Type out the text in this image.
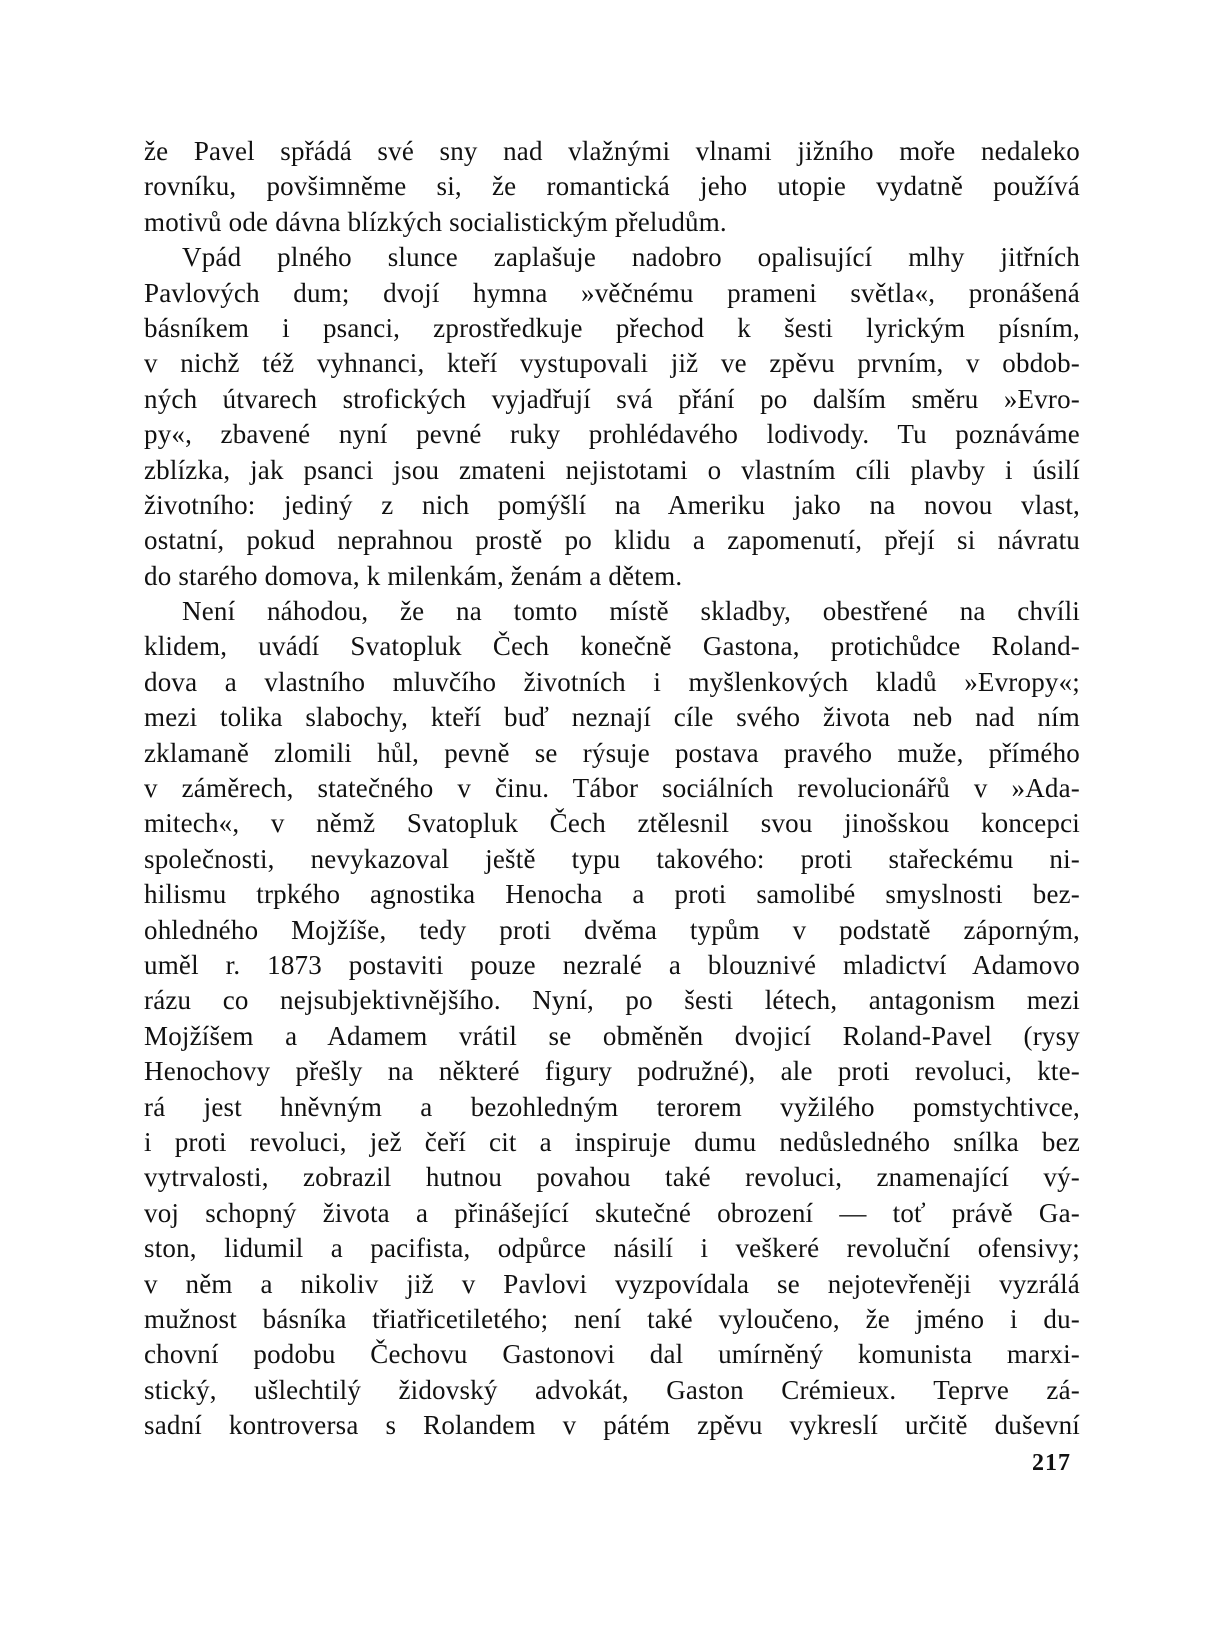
že Pavel spřádá své sny nad vlažnými vlnami jižního moře nedaleko
rovníku, povšimněme si, že romantická jeho utopie vydatně používá
motivů ode dávna blízkých socialistickým přeludům.
Vpád plného slunce zaplašuje nadobro opalisující mlhy jitřních
Pavlových dum; dvojí hymna »věčnému prameni světla«, pronášená
básníkem i psanci, zprostředkuje přechod k šesti lyrickým písním,
v nichž též vyhnanci, kteří vystupovali již ve zpěvu prvním, v obdob-
ných útvarech strofických vyjadřují svá přání po dalším směru »Evro-
py«, zbavené nyní pevné ruky prohlédavého lodivody. Tu poznáváme
zblízka, jak psanci jsou zmateni nejistotami o vlastním cíli plavby i úsilí
životního: jediný z nich pomýšlí na Ameriku jako na novou vlast,
ostatní, pokud neprahnou prostě po klidu a zapomenutí, přejí si návratu
do starého domova, k milenkám, ženám a dětem.
Není náhodou, že na tomto místě skladby, obestřené na chvíli
klidem, uvádí Svatopluk Čech konečně Gastona, protichůdce Roland-
dova a vlastního mluvčího životních i myšlenkových kladů »Evropy«;
mezi tolika slabochy, kteří buď neznají cíle svého života neb nad ním
zklamaně zlomili hůl, pevně se rýsuje postava pravého muže, přímého
v záměrech, statečného v činu. Tábor sociálních revolucionářů v »Ada-
mitech«, v němž Svatopluk Čech ztělesnil svou jinošskou koncepci
společnosti, nevykazoval ještě typu takového: proti stařeckému ni-
hilismu trpkého agnostika Henocha a proti samolibé smyslnosti bez-
ohledného Mojžíše, tedy proti dvěma typům v podstatě záporným,
uměl r. 1873 postaviti pouze nezralé a blouznivé mladictví Adamovo
rázu co nejsubjektivnějšího. Nyní, po šesti létech, antagonism mezi
Mojžíšem a Adamem vrátil se obměněn dvojicí Roland-Pavel (rysy
Henochovy přešly na některé figury podružné), ale proti revoluci, kte-
rá jest hněvným a bezohledným terorem vyžilého pomstychtivce,
i proti revoluci, jež čeří cit a inspiruje dumu nedůsledného snílka bez
vytrvalosti, zobrazil hutnou povahou také revoluci, znamenající vý-
voj schopný života a přinášející skutečné obrození — toť právě Ga-
ston, lidumil a pacifista, odpůrce násilí i veškeré revoluční ofensivy;
v něm a nikoliv již v Pavlovi vyzpovídala se nejotevřeněji vyzrálá
mužnost básníka třiatřicetiletého; není také vyloučeno, že jméno i du-
chovní podobu Čechovu Gastonovi dal umírněný komunista marxi-
stický, ušlechtilý židovský advokát, Gaston Crémieux. Teprve zá-
sadní kontroversa s Rolandem v pátém zpěvu vykreslí určitě duševní
217
